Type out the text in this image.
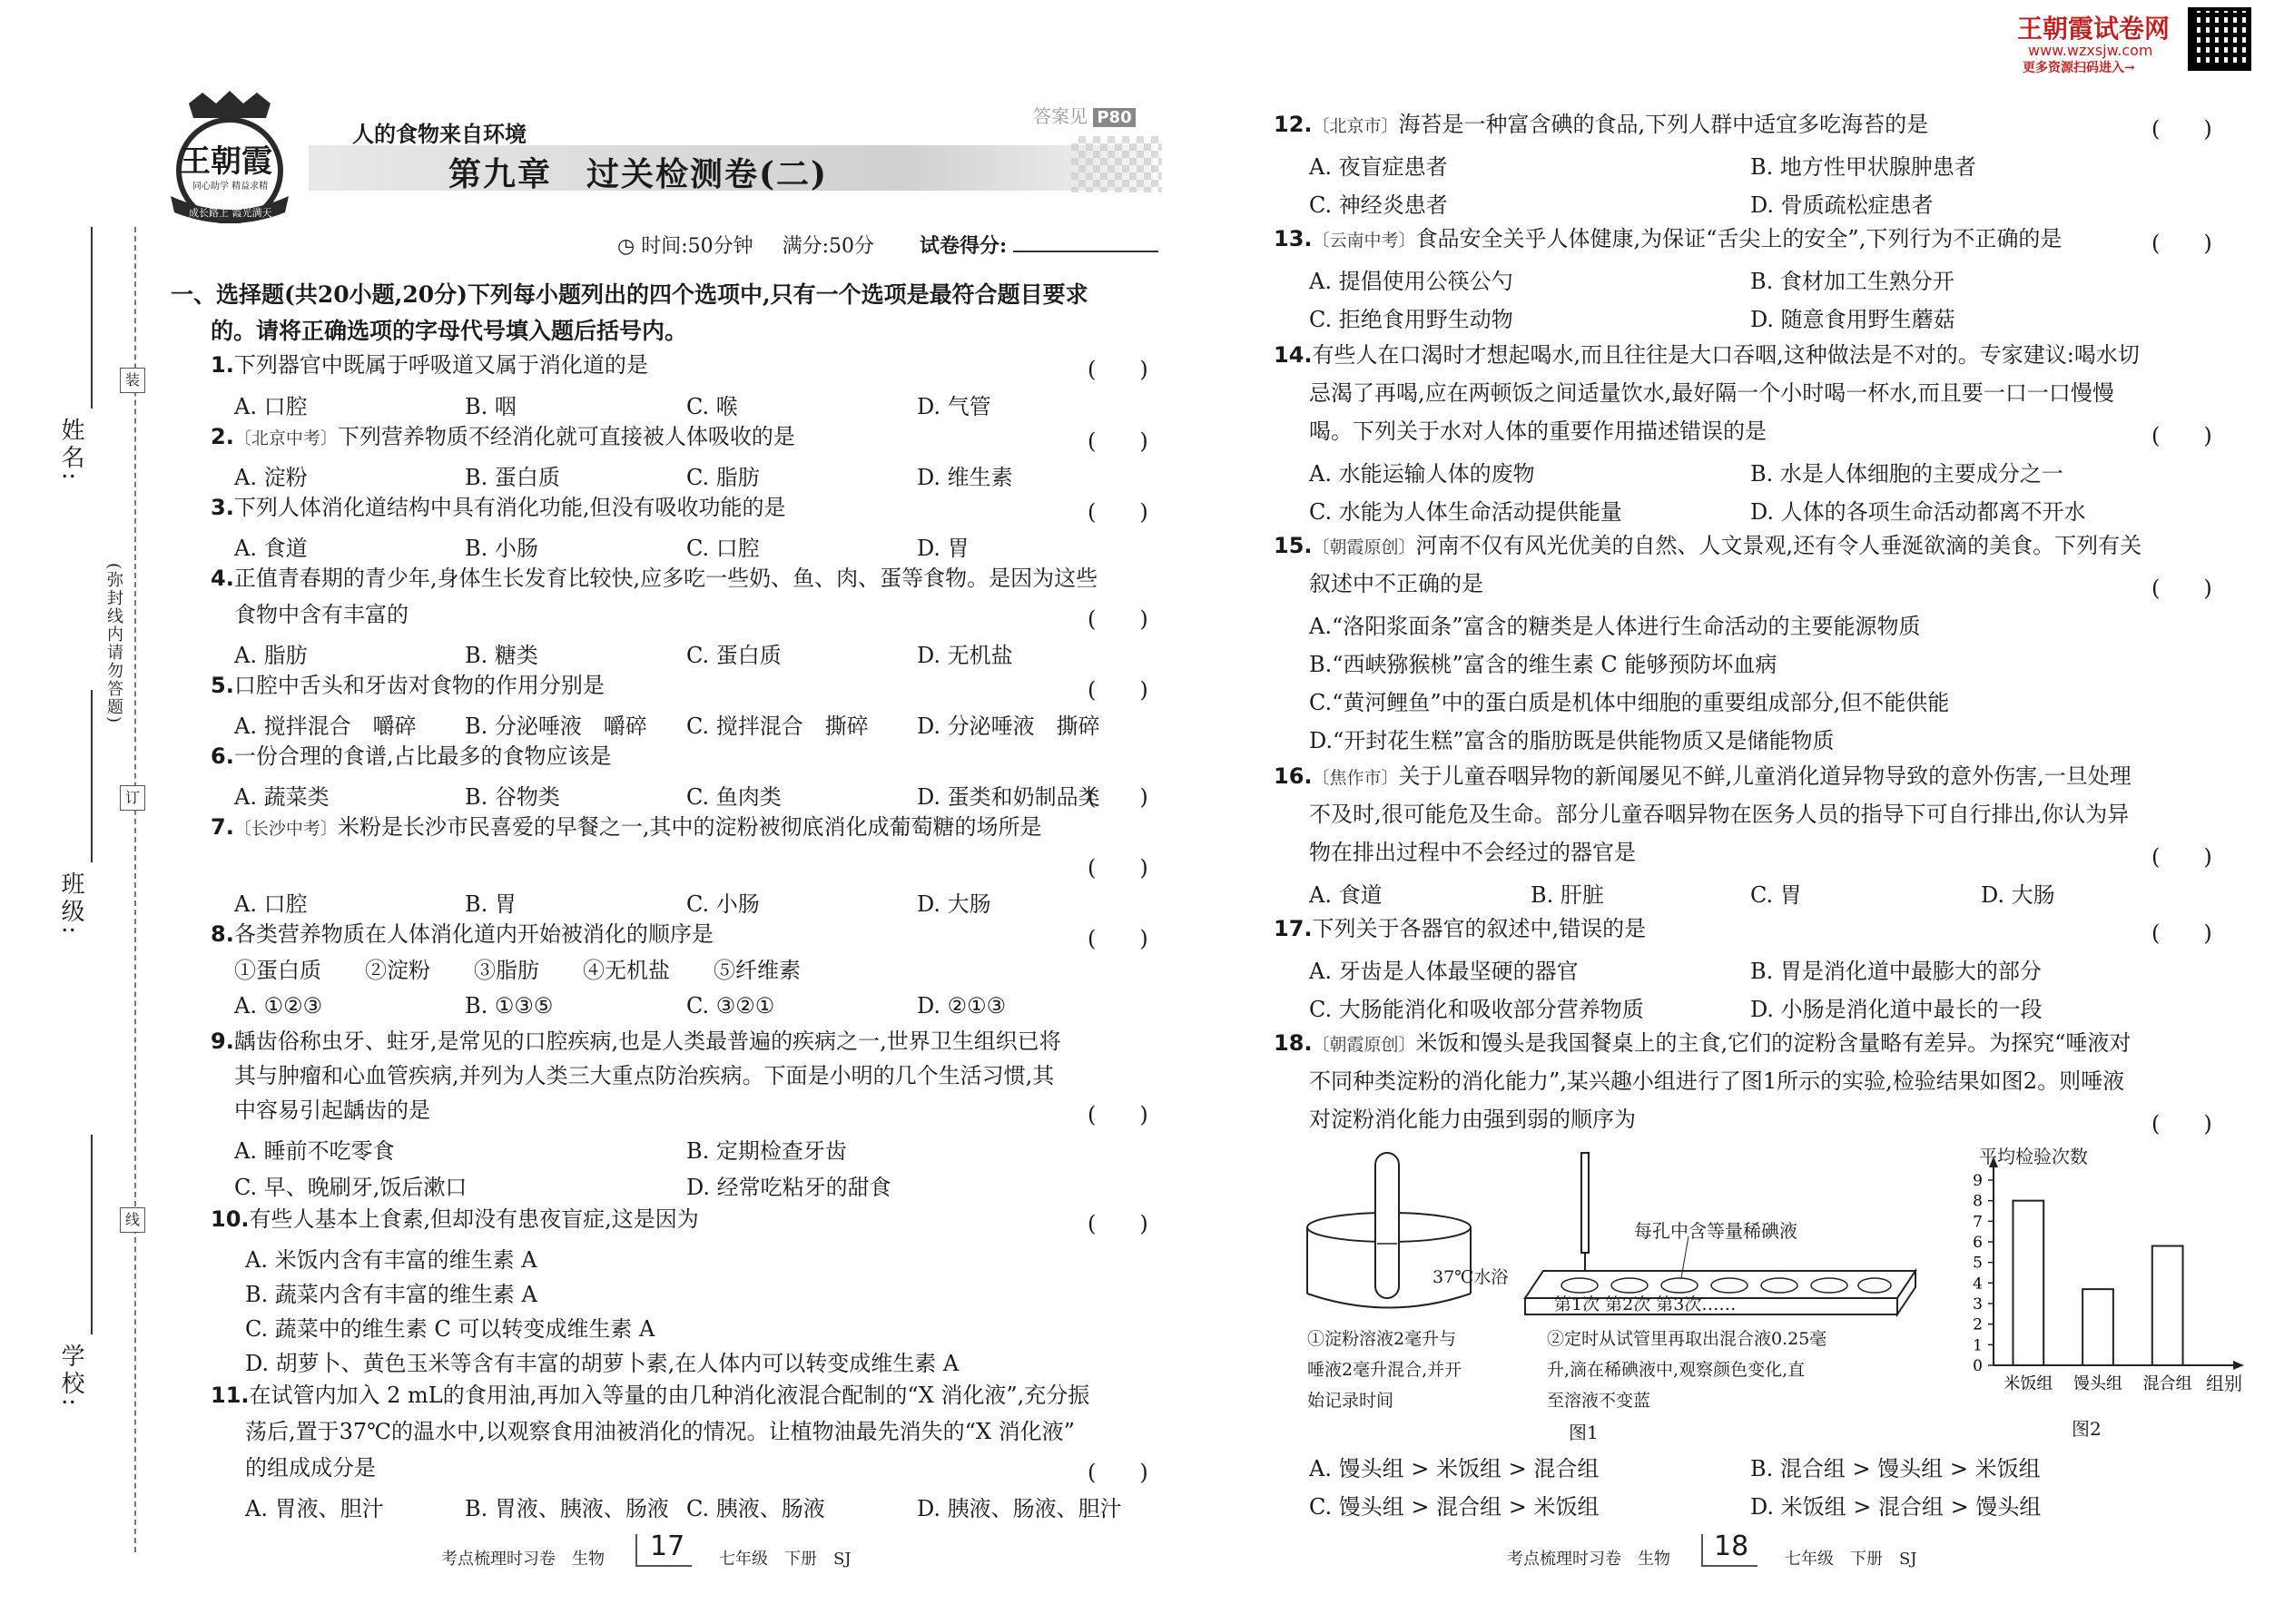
姓名:
班级:
学校:
(弥封线内请勿答题)
装
订
线
王朝霞
同心助学 精益求精
成长路上 霞光满天
人的食物来自环境
答案见 P80
第九章　过关检测卷(二)
◷ 时间:50分钟 满分:50分 试卷得分:
王朝霞试卷网
www.wzxsjw.com
更多资源扫码进入→
一、选择题(共20小题,20分)下列每小题列出的四个选项中,只有一个选项是最符合题目要求
的。请将正确选项的字母代号填入题后括号内。
1.下列器官中既属于呼吸道又属于消化道的是	(　　)
A. 口腔	B. 咽	C. 喉	D. 气管
2.〔北京中考〕下列营养物质不经消化就可直接被人体吸收的是	(　　)
A. 淀粉	B. 蛋白质	C. 脂肪	D. 维生素
3.下列人体消化道结构中具有消化功能,但没有吸收功能的是	(　　)
A. 食道	B. 小肠	C. 口腔	D. 胃
4.正值青春期的青少年,身体生长发育比较快,应多吃一些奶、鱼、肉、蛋等食物。是因为这些
食物中含有丰富的	(　　)
A. 脂肪	B. 糖类	C. 蛋白质	D. 无机盐
5.口腔中舌头和牙齿对食物的作用分别是	(　　)
A. 搅拌混合　嚼碎 B. 分泌唾液　嚼碎 C. 搅拌混合　撕碎 D. 分泌唾液　撕碎
6.一份合理的食谱,占比最多的食物应该是
A. 蔬菜类	B. 谷物类	C. 鱼肉类	D. 蛋类和奶制品类
(　　)
7.〔长沙中考〕米粉是长沙市民喜爱的早餐之一,其中的淀粉被彻底消化成葡萄糖的场所是
(　　)
A. 口腔	B. 胃	C. 小肠	D. 大肠
8.各类营养物质在人体消化道内开始被消化的顺序是	(　　)
①蛋白质　　②淀粉　　③脂肪　　④无机盐　　⑤纤维素
A. ①②③	B. ①③⑤	C. ③②①	D. ②①③
9.龋齿俗称虫牙、蛀牙,是常见的口腔疾病,也是人类最普遍的疾病之一,世界卫生组织已将
其与肿瘤和心血管疾病,并列为人类三大重点防治疾病。下面是小明的几个生活习惯,其
中容易引起龋齿的是	(　　)
A. 睡前不吃零食	B. 定期检查牙齿
C. 早、晚刷牙,饭后漱口	D. 经常吃粘牙的甜食
10.有些人基本上食素,但却没有患夜盲症,这是因为	(　　)
A. 米饭内含有丰富的维生素 A
B. 蔬菜内含有丰富的维生素 A
C. 蔬菜中的维生素 C 可以转变成维生素 A
D. 胡萝卜、黄色玉米等含有丰富的胡萝卜素,在人体内可以转变成维生素 A
11.在试管内加入 2 mL的食用油,再加入等量的由几种消化液混合配制的“X 消化液”,充分振
荡后,置于37℃的温水中,以观察食用油被消化的情况。让植物油最先消失的“X 消化液”
的组成成分是	(　　)
A. 胃液、胆汁	B. 胃液、胰液、肠液 C. 胰液、肠液	D. 胰液、肠液、胆汁
考点梳理时习卷　生物 17 七年级　下册　SJ
12.〔北京市〕海苔是一种富含碘的食品,下列人群中适宜多吃海苔的是	(　　)
A. 夜盲症患者	B. 地方性甲状腺肿患者
C. 神经炎患者	D. 骨质疏松症患者
13.〔云南中考〕食品安全关乎人体健康,为保证“舌尖上的安全”,下列行为不正确的是	(　　)
A. 提倡使用公筷公勺	B. 食材加工生熟分开
C. 拒绝食用野生动物	D. 随意食用野生蘑菇
14.有些人在口渴时才想起喝水,而且往往是大口吞咽,这种做法是不对的。专家建议:喝水切
忌渴了再喝,应在两顿饭之间适量饮水,最好隔一个小时喝一杯水,而且要一口一口慢慢
喝。下列关于水对人体的重要作用描述错误的是	(　　)
A. 水能运输人体的废物	B. 水是人体细胞的主要成分之一
C. 水能为人体生命活动提供能量	D. 人体的各项生命活动都离不开水
15.〔朝霞原创〕河南不仅有风光优美的自然、人文景观,还有令人垂涎欲滴的美食。下列有关
叙述中不正确的是	(　　)
A.“洛阳浆面条”富含的糖类是人体进行生命活动的主要能源物质
B.“西峡猕猴桃”富含的维生素 C 能够预防坏血病
C.“黄河鲤鱼”中的蛋白质是机体中细胞的重要组成部分,但不能供能
D.“开封花生糕”富含的脂肪既是供能物质又是储能物质
16.〔焦作市〕关于儿童吞咽异物的新闻屡见不鲜,儿童消化道异物导致的意外伤害,一旦处理
不及时,很可能危及生命。部分儿童吞咽异物在医务人员的指导下可自行排出,你认为异
物在排出过程中不会经过的器官是	(　　)
A. 食道	B. 肝脏	C. 胃	D. 大肠
17.下列关于各器官的叙述中,错误的是	(　　)
A. 牙齿是人体最坚硬的器官	B. 胃是消化道中最膨大的部分
C. 大肠能消化和吸收部分营养物质	D. 小肠是消化道中最长的一段
18.〔朝霞原创〕米饭和馒头是我国餐桌上的主食,它们的淀粉含量略有差异。为探究“唾液对
不同种类淀粉的消化能力”,某兴趣小组进行了图1所示的实验,检验结果如图2。则唾液
对淀粉消化能力由强到弱的顺序为	(　　)
37℃水浴
每孔中含等量稀碘液
第1次 第2次 第3次……
①淀粉溶液2毫升与
唾液2毫升混合,并开
始记录时间
②定时从试管里再取出混合液0.25毫
升,滴在稀碘液中,观察颜色变化,直
至溶液不变蓝
图1
0
1
2
3
4
5
6
7
8
9
米饭组 馒头组 混合组
平均检验次数
组别
图2
A. 馒头组 > 米饭组 > 混合组	B. 混合组 > 馒头组 > 米饭组
C. 馒头组 > 混合组 > 米饭组	D. 米饭组 > 混合组 > 馒头组
考点梳理时习卷　生物 18 七年级　下册　SJ
